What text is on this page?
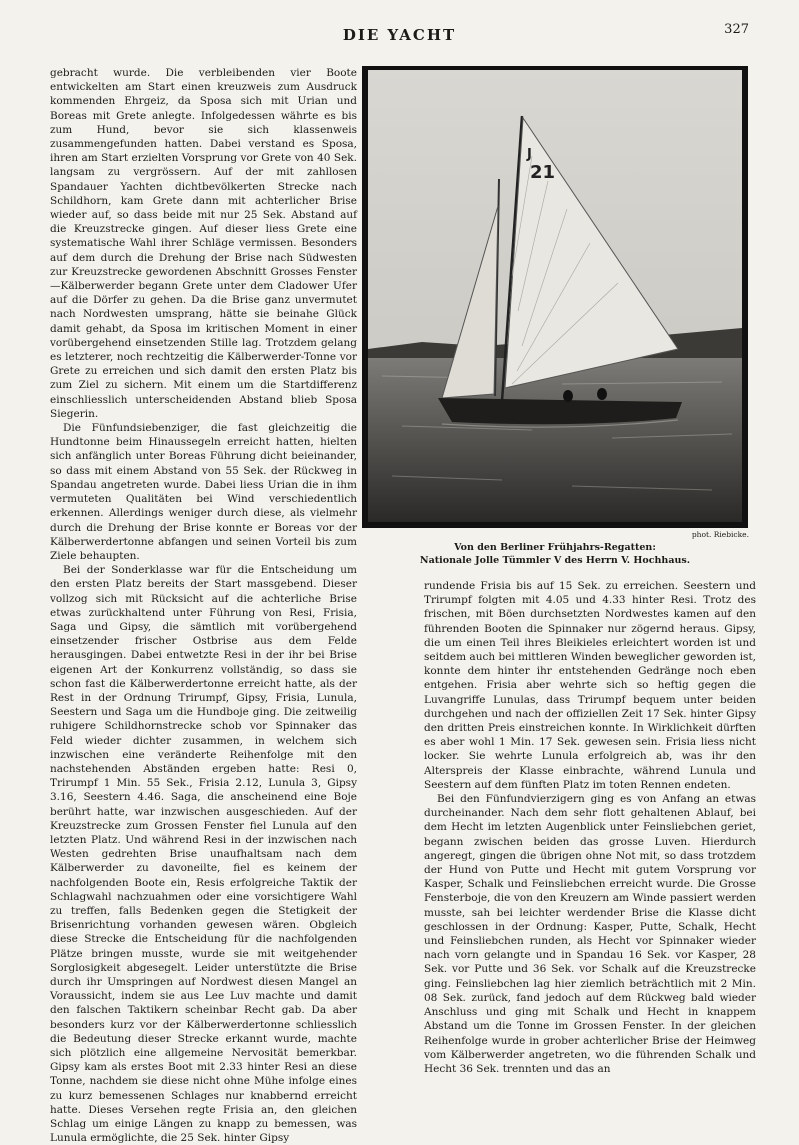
DIE YACHT	327

gebracht wurde. Die verbleibenden vier Boote entwickelten am Start einen kreuzweis zum Ausdruck kommenden Ehrgeiz, da Sposa sich mit Urian und Boreas mit Grete anlegte. Infolgedessen währte es bis zum Hund, bevor sie sich klassenweis zusammengefunden hatten. Dabei verstand es Sposa, ihren am Start erzielten Vorsprung vor Grete von 40 Sek. langsam zu vergrössern. Auf der mit zahllosen Spandauer Yachten dichtbevölkerten Strecke nach Schildhorn, kam Grete dann mit achterlicher Brise wieder auf, so dass beide mit nur 25 Sek. Abstand auf die Kreuzstrecke gingen. Auf dieser liess Grete eine systematische Wahl ihrer Schläge vermissen. Besonders auf dem durch die Drehung der Brise nach Südwesten zur Kreuzstrecke gewordenen Abschnitt Grosses Fenster—Kälberwerder begann Grete unter dem Cladower Ufer auf die Dörfer zu gehen. Da die Brise ganz unvermutet nach Nordwesten umsprang, hätte sie beinahe Glück damit gehabt, da Sposa im kritischen Moment in einer vorübergehend einsetzenden Stille lag. Trotzdem gelang es letzterer, noch rechtzeitig die Kälberwerder-Tonne vor Grete zu erreichen und sich damit den ersten Platz bis zum Ziel zu sichern. Mit einem um die Startdifferenz einschliesslich unterscheidenden Abstand blieb Sposa Siegerin.

Die Fünfundsiebenziger, die fast gleichzeitig die Hundtonne beim Hinaussegeln erreicht hatten, hielten sich anfänglich unter Boreas Führung dicht beieinander, so dass mit einem Abstand von 55 Sek. der Rückweg in Spandau angetreten wurde. Dabei liess Urian die in ihm vermuteten Qualitäten bei Wind verschiedentlich erkennen. Allerdings weniger durch diese, als vielmehr durch die Drehung der Brise konnte er Boreas vor der Kälberwerdertonne abfangen und seinen Vorteil bis zum Ziele behaupten.

Bei der Sonderklasse war für die Entscheidung um den ersten Platz bereits der Start massgebend. Dieser vollzog sich mit Rücksicht auf die achterliche Brise etwas zurückhaltend unter Führung von Resi, Frisia, Saga und Gipsy, die sämtlich mit vorübergehend einsetzender frischer Ostbrise aus dem Felde herausgingen. Dabei entwetzte Resi in der ihr bei Brise eigenen Art der Konkurrenz vollständig, so dass sie schon fast die Kälberwerdertonne erreicht hatte, als der Rest in der Ordnung Trirumpf, Gipsy, Frisia, Lunula, Seestern und Saga um die Hundboje ging. Die zeitweilig ruhigere Schildhornstrecke schob vor Spinnaker das Feld wieder dichter zusammen, in welchem sich inzwischen eine veränderte Reihenfolge mit den nachstehenden Abständen ergeben hatte: Resi 0, Trirumpf 1 Min. 55 Sek., Frisia 2.12, Lunula 3, Gipsy 3.16, Seestern 4.46. Saga, die anscheinend eine Boje berührt hatte, war inzwischen ausgeschieden. Auf der Kreuzstrecke zum Grossen Fenster fiel Lunula auf den letzten Platz. Und während Resi in der inzwischen nach Westen gedrehten Brise unaufhaltsam nach dem Kälberwerder zu davoneilte, fiel es keinem der nachfolgenden Boote ein, Resis erfolgreiche Taktik der Schlagwahl nachzuahmen oder eine vorsichtigere Wahl zu treffen, falls Bedenken gegen die Stetigkeit der Brisenrichtung vorhanden gewesen wären. Obgleich diese Strecke die Entscheidung für die nachfolgenden Plätze bringen musste, wurde sie mit weitgehender Sorglosigkeit abgesegelt. Leider unterstützte die Brise durch ihr Umspringen auf Nordwest diesen Mangel an Voraussicht, indem sie aus Lee Luv machte und damit den falschen Taktikern scheinbar Recht gab. Da aber besonders kurz vor der Kälberwerdertonne schliesslich die Bedeutung dieser Strecke erkannt wurde, machte sich plötzlich eine allgemeine Nervosität bemerkbar. Gipsy kam als erstes Boot mit 2.33 hinter Resi an diese Tonne, nachdem sie diese nicht ohne Mühe infolge eines zu kurz bemessenen Schlages nur knabbernd erreicht hatte. Dieses Versehen regte Frisia an, den gleichen Schlag um einige Längen zu knapp zu bemessen, was Lunula ermöglichte, die 25 Sek. hinter Gipsy

J
21
phot. Riebicke.
Von den Berliner Frühjahrs-Regatten:
Nationale Jolle Tümmler V des Herrn V. Hochhaus.

rundende Frisia bis auf 15 Sek. zu erreichen. Seestern und Trirumpf folgten mit 4.05 und 4.33 hinter Resi. Trotz des frischen, mit Böen durchsetzten Nordwestes kamen auf den führenden Booten die Spinnaker nur zögernd heraus. Gipsy, die um einen Teil ihres Bleikieles erleichtert worden ist und seitdem auch bei mittleren Winden beweglicher geworden ist, konnte dem hinter ihr entstehenden Gedränge noch eben entgehen. Frisia aber wehrte sich so heftig gegen die Luvangriffe Lunulas, dass Trirumpf bequem unter beiden durchgehen und nach der offiziellen Zeit 17 Sek. hinter Gipsy den dritten Preis einstreichen konnte. In Wirklichkeit dürften es aber wohl 1 Min. 17 Sek. gewesen sein. Frisia liess nicht locker. Sie wehrte Lunula erfolgreich ab, was ihr den Alterspreis der Klasse einbrachte, während Lunula und Seestern auf dem fünften Platz im toten Rennen endeten.

Bei den Fünfundvierzigern ging es von Anfang an etwas durcheinander. Nach dem sehr flott gehaltenen Ablauf, bei dem Hecht im letzten Augenblick unter Feinsliebchen geriet, begann zwischen beiden das grosse Luven. Hierdurch angeregt, gingen die übrigen ohne Not mit, so dass trotzdem der Hund von Putte und Hecht mit gutem Vorsprung vor Kasper, Schalk und Feinsliebchen erreicht wurde. Die Grosse Fensterboje, die von den Kreuzern am Winde passiert werden musste, sah bei leichter werdender Brise die Klasse dicht geschlossen in der Ordnung: Kasper, Putte, Schalk, Hecht und Feinsliebchen runden, als Hecht vor Spinnaker wieder nach vorn gelangte und in Spandau 16 Sek. vor Kasper, 28 Sek. vor Putte und 36 Sek. vor Schalk auf die Kreuzstrecke ging. Feinsliebchen lag hier ziemlich beträchtlich mit 2 Min. 08 Sek. zurück, fand jedoch auf dem Rückweg bald wieder Anschluss und ging mit Schalk und Hecht in knappem Abstand um die Tonne im Grossen Fenster. In der gleichen Reihenfolge wurde in grober achterlicher Brise der Heimweg vom Kälberwerder angetreten, wo die führenden Schalk und Hecht 36 Sek. trennten und das an
